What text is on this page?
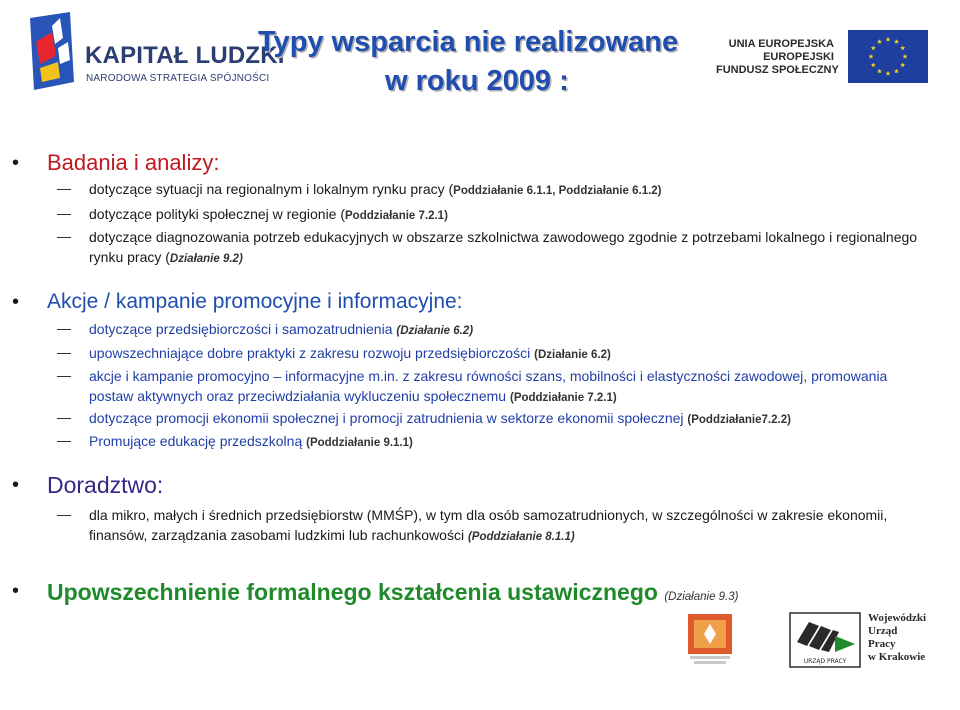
KAPITAŁ LUDZKI
NARODOWA STRATEGIA SPÓJNOŚCI
Typy wsparcia nie realizowane
w roku 2009 :
UNIA EUROPEJSKA
EUROPEJSKI
FUNDUSZ SPOŁECZNY
• Badania i analizy:
dotyczące sytuacji na regionalnym i lokalnym rynku pracy (Poddziałanie 6.1.1, Poddziałanie 6.1.2)
dotyczące polityki społecznej w regionie (Poddziałanie 7.2.1)
dotyczące diagnozowania potrzeb edukacyjnych w obszarze szkolnictwa zawodowego zgodnie z potrzebami lokalnego i regionalnego rynku pracy (Działanie 9.2)
• Akcje / kampanie promocyjne i informacyjne:
dotyczące przedsiębiorczości i samozatrudnienia (Działanie 6.2)
upowszechniające dobre praktyki z zakresu rozwoju przedsiębiorczości (Działanie 6.2)
akcje i kampanie promocyjno – informacyjne m.in. z zakresu równości szans, mobilności i elastyczności zawodowej, promowania postaw aktywnych oraz przeciwdziałania wykluczeniu społecznemu (Poddziałanie 7.2.1)
dotyczące promocji ekonomii społecznej i promocji zatrudnienia w sektorze ekonomii społecznej (Poddziałanie7.2.2)
Promujące edukację przedszkolną (Poddziałanie 9.1.1)
• Doradztwo:
dla mikro, małych i średnich przedsiębiorstw (MMŚP), w tym dla osób samozatrudnionych, w szczególności w zakresie ekonomii, finansów, zarządzania zasobami ludzkimi lub rachunkowości (Poddziałanie 8.1.1)
• Upowszechnienie formalnego kształcenia ustawicznego (Działanie 9.3)
URZĄD PRACY
Wojewódzki
Urząd
Pracy
w Krakowie
